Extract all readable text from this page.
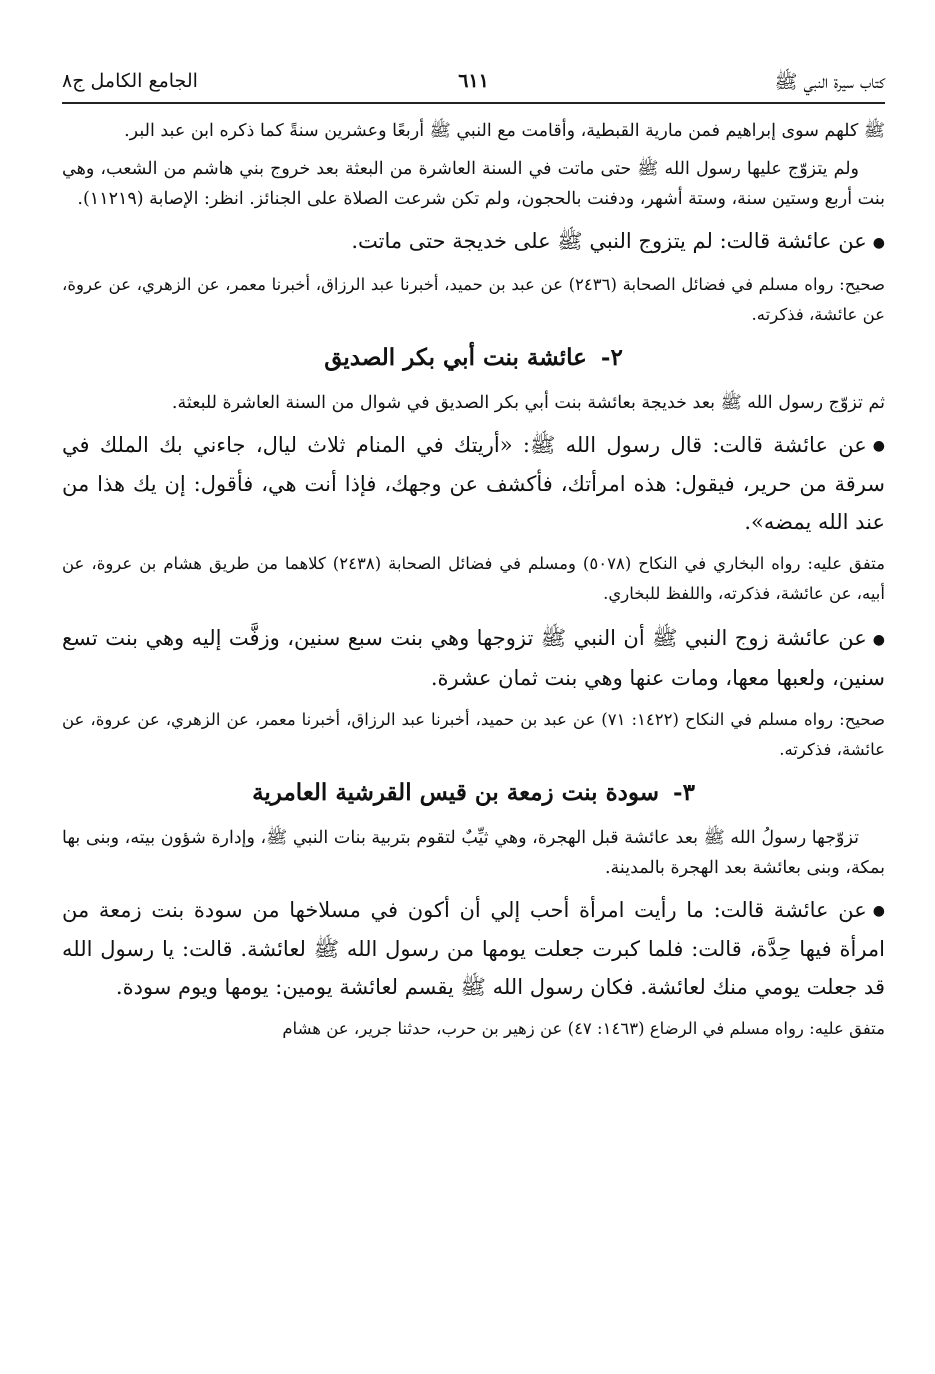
كتاب سيرة النبي ﷺ
٦١١
الجامع الكامل ج٨

ﷺ كلهم سوى إبراهيم فمن مارية القبطية، وأقامت مع النبي ﷺ أربعًا وعشرين سنةً كما ذكره ابن عبد البر.

ولم يتزوّج عليها رسول الله ﷺ حتى ماتت في السنة العاشرة من البعثة بعد خروج بني هاشم من الشعب، وهي بنت أربع وستين سنة، وستة أشهر، ودفنت بالحجون، ولم تكن شرعت الصلاة على الجنائز. انظر: الإصابة (١١٢١٩).

●عن عائشة قالت: لم يتزوج النبي ﷺ على خديجة حتى ماتت.

صحيح: رواه مسلم في فضائل الصحابة (٢٤٣٦) عن عبد بن حميد، أخبرنا عبد الرزاق، أخبرنا معمر، عن الزهري، عن عروة، عن عائشة، فذكرته.

٢-عائشة بنت أبي بكر الصديق

ثم تزوّج رسول الله ﷺ بعد خديجة بعائشة بنت أبي بكر الصديق في شوال من السنة العاشرة للبعثة.

●عن عائشة قالت: قال رسول الله ﷺ: «أريتك في المنام ثلاث ليال، جاءني بك الملك في سرقة من حرير، فيقول: هذه امرأتك، فأكشف عن وجهك، فإذا أنت هي، فأقول: إن يك هذا من عند الله يمضه».

متفق عليه: رواه البخاري في النكاح (٥٠٧٨) ومسلم في فضائل الصحابة (٢٤٣٨) كلاهما من طريق هشام بن عروة، عن أبيه، عن عائشة، فذكرته، واللفظ للبخاري.

●عن عائشة زوج النبي ﷺ أن النبي ﷺ تزوجها وهي بنت سبع سنين، وزفَّت إليه وهي بنت تسع سنين، ولعبها معها، ومات عنها وهي بنت ثمان عشرة.

صحيح: رواه مسلم في النكاح (١٤٢٢: ٧١) عن عبد بن حميد، أخبرنا عبد الرزاق، أخبرنا معمر، عن الزهري، عن عروة، عن عائشة، فذكرته.

٣-سودة بنت زمعة بن قيس القرشية العامرية

تزوّجها رسولُ الله ﷺ بعد عائشة قبل الهجرة، وهي ثيِّبٌ لتقوم بتربية بنات النبي ﷺ، وإدارة شؤون بيته، وبنى بها بمكة، وبنى بعائشة بعد الهجرة بالمدينة.

●عن عائشة قالت: ما رأيت امرأة أحب إلي أن أكون في مسلاخها من سودة بنت زمعة من امرأة فيها حِدَّة، قالت: فلما كبرت جعلت يومها من رسول الله ﷺ لعائشة. قالت: يا رسول الله قد جعلت يومي منك لعائشة. فكان رسول الله ﷺ يقسم لعائشة يومين: يومها ويوم سودة.

متفق عليه: رواه مسلم في الرضاع (١٤٦٣: ٤٧) عن زهير بن حرب، حدثنا جرير، عن هشام
